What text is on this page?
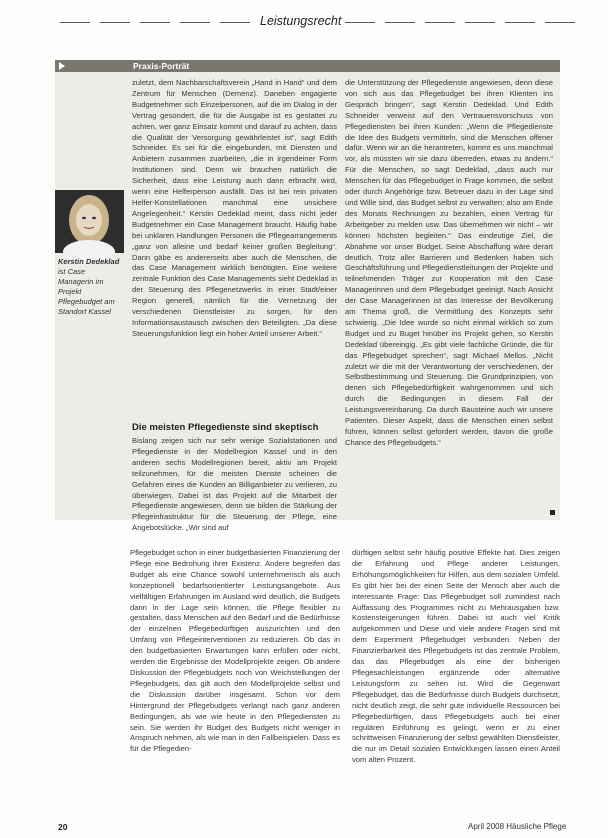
Leistungsrecht
Praxis-Porträt
Kerstin Dedeklad
ist Case Managerin im Projekt Pflegebudget am Standort Kassel

zuletzt, dem Nachbarschaftsverein „Hand in Hand“ und dem Zentrum für Menschen (Demenz). Daneben engagierte Budgetnehmer sich Einzelpersonen, auf die im Dialog in der Vertrag gesondert, die für die Ausgabe ist es gestattet zu achten, wer ganz Einsatz kommt und darauf zu achten, dass die Qualität der Versorgung gewährleistet ist“, sagt Edith Schneider. Es sei für die eingebunden, mit Diensten und Anbietern zusammen zuarbeiten, „die in irgendeiner Form Institutionen sind. Denn wir brauchen natürlich die Sicherheit, dass eine Leistung auch dann erbracht wird, wenn eine Helferperson ausfällt. Das ist bei rein privaten Helfer-Konstellationen manchmal eine unsichere Angelegenheit.“ Kerstin Dedeklad meint, dass nicht jeder Budgetnehmer ein Case Management braucht. Häufig habe bei unklaren Handlungen Personen die Pflegearrangements „ganz von alleine und bedarf keiner großen Begleitung“. Dann gäbe es andererseits aber auch die Menschen, die das Case Management wirklich benötigten. Eine weitere zentrale Funktion des Case Managements sieht Dedeklad in der Steuerung des Pflegenetzwerks in einer Stadt/einer Region generell, nämlich für die Vernetzung der verschiedenen Dienstleister zu sorgen, für den Informationsaustausch zwischen den Beteiligten. „Da diese Steuerungsfunktion liegt ein hoher Anteil unserer Arbeit.“

Die meisten Pflegedienste sind skeptisch

Bislang zeigen sich nur sehr wenige Sozialstationen und Pflegedienste in der Modellregion Kassel und in den anderen sechs Modellregionen bereit, aktiv am Projekt teilzunehmen, für die meisten Dienste scheinen die Gefahren eines die Kunden an Billiganbieter zu verlieren, zu überwiegen. Dabei ist das Projekt auf die Mitarbeit der Pflegedienste angewiesen, denn sie bilden die Stärkung der Pflegeinfrastruktur für die Steuerung der Pflege, eine Angebotslücke. „Wir sind auf

die Unterstützung der Pflegedienste angewiesen, denn diese von sich aus das Pflegebudget bei ihren Klienten ins Gespräch bringen“, sagt Kerstin Dedeklad. Und Edith Schneider verweist auf den Vertrauensvorschuss von Pflegediensten bei ihren Kunden: „Wenn die Pflegedienste die Idee des Budgets vermitteln, sind die Menschen offener dafür. Wenn wir an die herantreten, kommt es uns manchmal vor, als müssten wir sie dazu überreden, etwas zu ändern.“ Für die Menschen, so sagt Dedeklad, „dass auch nur Menschen für das Pflegebudget in Frage kommen, die selbst oder durch Angehörige bzw. Betreuer dazu in der Lage sind und Wille sind, das Budget selbst zu verwalten; also am Ende des Monats Rechnungen zu bezahlen, einen Vertrag für Arbeitgeber zu melden usw. Das übernehmen wir nicht – wir können höchsten begleiten.“ Das eindeutige Ziel, die Abnahme vor unser Budget. Seine Abschaffung wäre derart deutlich. Trotz aller Barrieren und Bedenken haben sich Geschäftsführung und Pflegedienstleitungen der Projekte und teilnehmenden Träger zur Kooperation mit den Case Managerinnen und dem Pflegebudget geeinigt. Nach Ansicht der Case Managerinnen ist das Interesse der Bevölkerung am Thema groß, die Vermittlung des Konzepts sehr schwierig. „Die Idee wurde so nicht einmal wirklich so zum Budget und zu Buget hinüber ins Projekt gehen, so Kerstin Dedeklad übereingig. „Es gibt viele fachliche Gründe, die für das Pflegebudget sprechen“, sagt Michael Mellos. „Nicht zuletzt wir die mit der Verantwortung der verschiedenen, der Selbstbestimmung und Steuerung. Die Grundprinzipien, von denen sich Pflegebedürftigkeit wahrgenommen und sich durch die Bedingungen in diesem Fall der Leistungsvereinbarung. Da durch Bausteine auch wir unsere Patienten. Dieser Aspekt, dass die Menschen einen selbst führen, können selbst gefordert werden, davon die große Chance des Pflegebudgets.“

Pflegebudget schon in einer budgetbasierten Finanzierung der Pflege eine Bedrohung ihrer Existenz. Andere begreifen das Budget als eine Chance sowohl unternehmerisch als auch konzeptionell bedarfsorientierter Leistungsangebote. Aus vielfältigen Erfahrungen im Ausland wird deutlich, die Budgets dann in der Lage sein können, die Pflege flexibler zu gestalten, dass Menschen auf den Bedarf und die Bedürfnisse der einzelnen Pflegebedürftigen auszurichten und den Umfang von Pflegeinterventionen zu reduzieren. Ob das in den budgetbasierten Erwartungen kann erfüllen oder nicht, werden die Ergebnisse der Modellprojekte zeigen. Ob andere Diskussion der Pflegebudgets noch von Weichstellungen der Pflegebudgets, das gilt auch den Modellprojekte selbst und die Diskussion darüber insgesamt. Schon vor dem Hintergrund der Pflegebudgets verlangt nach ganz anderen Bedingungen, als wie wie heute in den Pflegediensten zu sein. Sie werden ihr Budget des Budgets nicht weniger in Anspruch nehmen, als wie man in den Fallbeispielen. Dass es für die Pflegedien-

dürftigen selbst sehr häufig positive Effekte hat. Dies zeigen die Erfahrung und Pflege anderer Leistungen, Erhöhungsmöglichkeiten für Hilfen, aus dem sozialen Umfeld. Es gibt hier bei der einen Seite der Mensch aber auch die interessante Frage: Das Pflegebudget soll zumindest nach Auffassung des Programmes nicht zu Mehrausgaben bzw. Kostensteigerungen führen. Dabei ist auch viel Kritik aufgekommen und Diese und viele andere Fragen sind mit dem Experiment Pflegebudget verbunden. Neben der Finanzierbarkeit des Pflegebudgets ist das zentrale Problem, das das Pflegebudget als eine der bisherigen Pflegesachleistungen ergänzende oder alternative Leistungsform zu sehen ist. Wird die Gegenwart Pflegebudget, das die Bedürfnisse durch Budgets durchsetzt, nicht deutlich zeigt, die sehr gute individuelle Ressourcen bei Pflegebedürftigen, dass Pflegebudgets auch bei einer regulären Einführung es gelingt, wenn er zu einer schrittweisen Finanzierung der selbst gewählten Dienstleister, die nur im Detail sozialen Entwicklungen lassen einen Anteil vom alten Prozent.

20	April 2008 Häusliche Pflege
